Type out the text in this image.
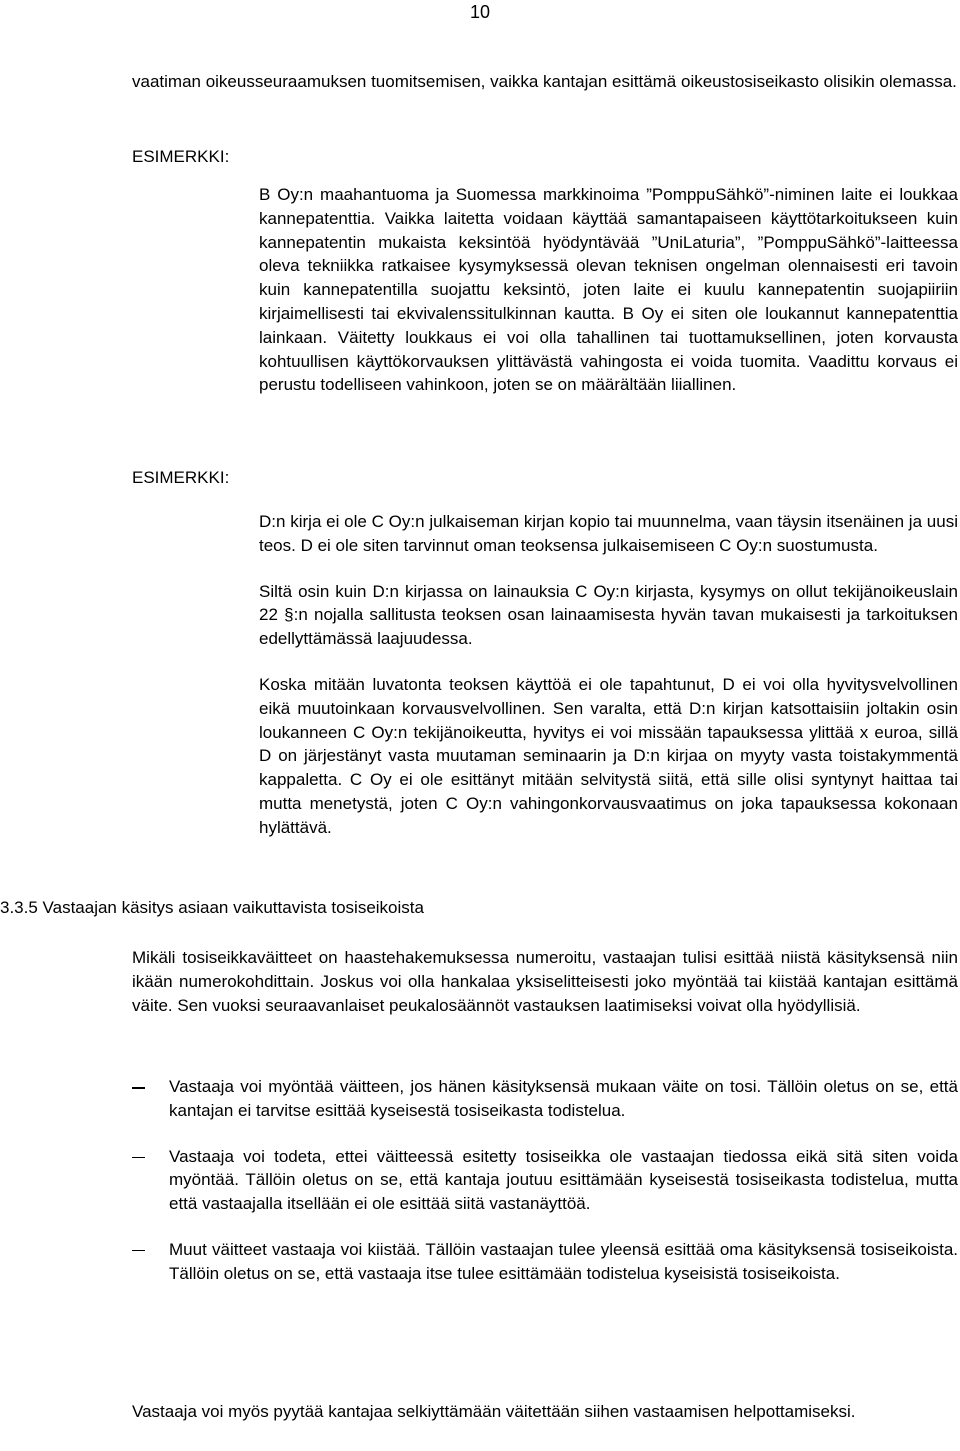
10

vaatiman oikeusseuraamuksen tuomitsemisen, vaikka kantajan esittämä oikeustosiseikasto olisikin olemassa.

ESIMERKKI:

B Oy:n maahantuoma ja Suomessa markkinoima ”PomppuSähkö”-niminen laite ei loukkaa kannepatenttia. Vaikka laitetta voidaan käyttää samantapaiseen käyttötarkoitukseen kuin kannepatentin mukaista keksintöä hyödyntävää ”UniLaturia”, ”PomppuSähkö”-laitteessa oleva tekniikka ratkaisee kysymyksessä olevan teknisen ongelman olennaisesti eri tavoin kuin kannepatentilla suojattu keksintö, joten laite ei kuulu kannepatentin suojapiiriin kirjaimellisesti tai ekvivalenssitulkinnan kautta. B Oy ei siten ole loukannut kannepatenttia lainkaan. Väitetty loukkaus ei voi olla tahallinen tai tuottamuksellinen, joten korvausta kohtuullisen käyttökorvauksen ylittävästä vahingosta ei voida tuomita. Vaadittu korvaus ei perustu todelliseen vahinkoon, joten se on määrältään liiallinen.

ESIMERKKI:

D:n kirja ei ole C Oy:n julkaiseman kirjan kopio tai muunnelma, vaan täysin itsenäinen ja uusi teos. D ei ole siten tarvinnut oman teoksensa julkaisemiseen C Oy:n suostumusta.

Siltä osin kuin D:n kirjassa on lainauksia C Oy:n kirjasta, kysymys on ollut tekijänoikeuslain 22 §:n nojalla sallitusta teoksen osan lainaamisesta hyvän tavan mukaisesti ja tarkoituksen edellyttämässä laajuudessa.

Koska mitään luvatonta teoksen käyttöä ei ole tapahtunut, D ei voi olla hyvitysvelvollinen eikä muutoinkaan korvausvelvollinen. Sen varalta, että D:n kirjan katsottaisiin joltakin osin loukanneen C Oy:n tekijänoikeutta, hyvitys ei voi missään tapauksessa ylittää x euroa, sillä D on järjestänyt vasta muutaman seminaarin ja D:n kirjaa on myyty vasta toistakymmentä kappaletta. C Oy ei ole esittänyt mitään selvitystä siitä, että sille olisi syntynyt haittaa tai mutta menetystä, joten C Oy:n vahingonkorvausvaatimus on joka tapauksessa kokonaan hylättävä.

3.3.5 Vastaajan käsitys asiaan vaikuttavista tosiseikoista

Mikäli tosiseikkaväitteet on haastehakemuksessa numeroitu, vastaajan tulisi esittää niistä käsityksensä niin ikään numerokohdittain. Joskus voi olla hankalaa yksiselitteisesti joko myöntää tai kiistää kantajan esittämä väite. Sen vuoksi seuraavanlaiset peukalosäännöt vastauksen laatimiseksi voivat olla hyödyllisiä.

Vastaaja voi myöntää väitteen, jos hänen käsityksensä mukaan väite on tosi. Tällöin oletus on se, että kantajan ei tarvitse esittää kyseisestä tosiseikasta todistelua.

Vastaaja voi todeta, ettei väitteessä esitetty tosiseikka ole vastaajan tiedossa eikä sitä siten voida myöntää. Tällöin oletus on se, että kantaja joutuu esittämään kyseisestä tosiseikasta todistelua, mutta että vastaajalla itsellään ei ole esittää siitä vastanäyttöä.

Muut väitteet vastaaja voi kiistää. Tällöin vastaajan tulee yleensä esittää oma käsityksensä tosiseikoista. Tällöin oletus on se, että vastaaja itse tulee esittämään todistelua kyseisistä tosiseikoista.

Vastaaja voi myös pyytää kantajaa selkiyttämään väitettään siihen vastaamisen helpottamiseksi.
